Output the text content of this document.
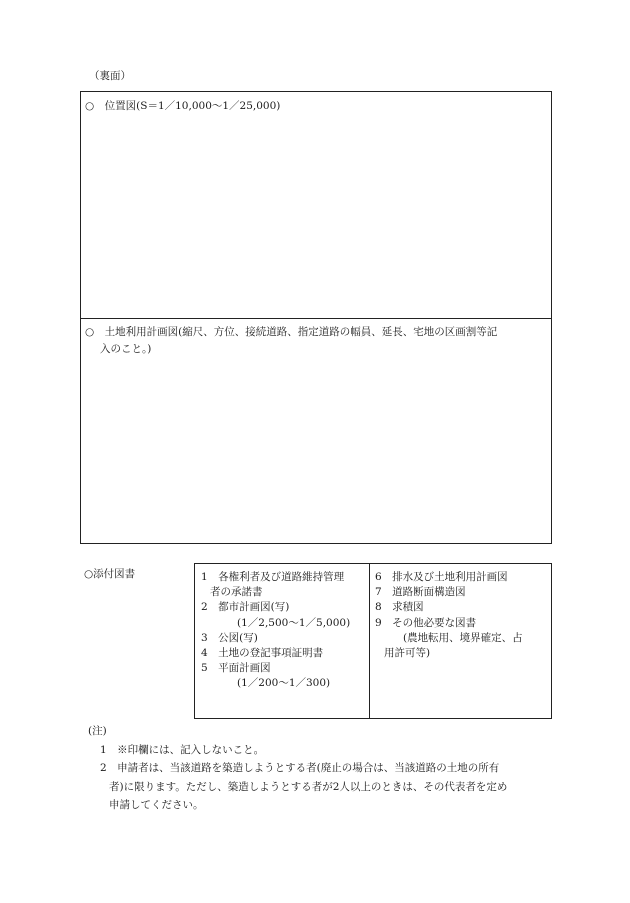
（裏面）
○　位置図(S＝1／10,000～1／25,000)
○　土地利用計画図(縮尺、方位、接続道路、指定道路の幅員、延長、宅地の区画割等記
入のこと。)
○添付図書	1　各権利者及び道路維持管理
者の承諾書
2　都市計画図(写)
(1／2,500～1／5,000)
3　公図(写)
4　土地の登記事項証明書
5　平面計画図
(1／200～1／300)
6　排水及び土地利用計画図
7　道路断面構造図
8　求積図
9　その他必要な図書
(農地転用、境界確定、占
用許可等)
(注)
1　※印欄には、記入しないこと。
2　申請者は、当該道路を築造しようとする者(廃止の場合は、当該道路の土地の所有
者)に限ります。ただし、築造しようとする者が2人以上のときは、その代表者を定め
申請してください。
